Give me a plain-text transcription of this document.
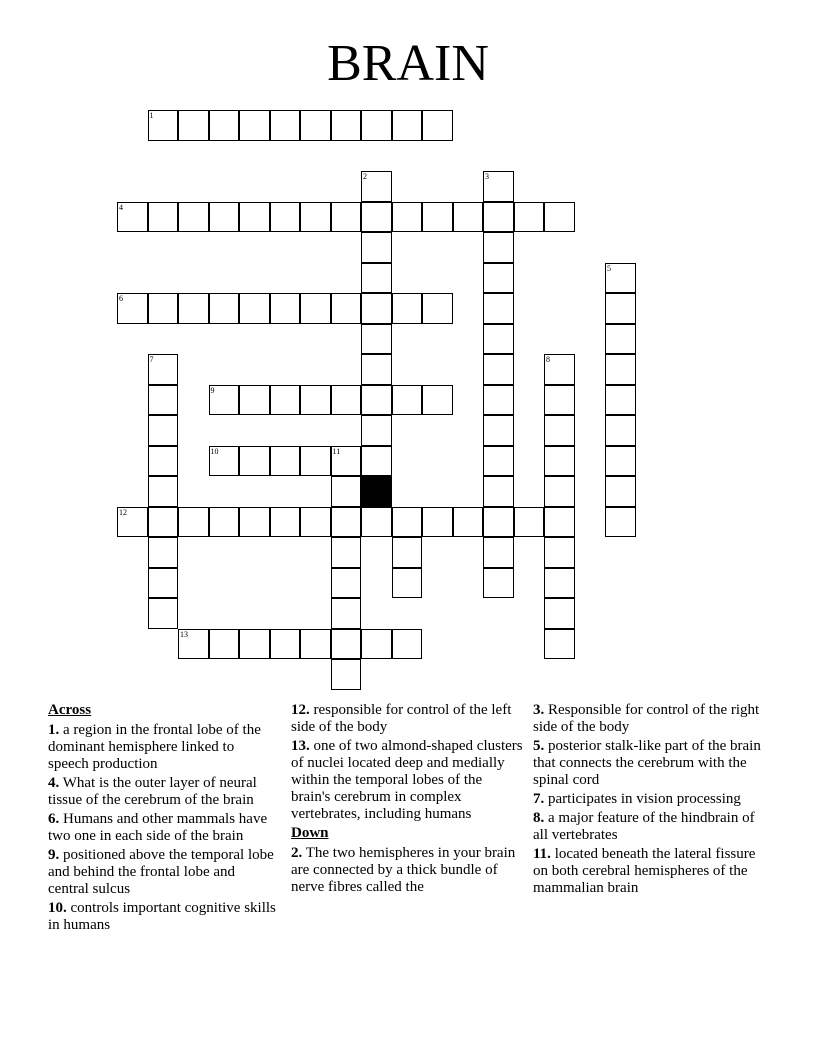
BRAIN
1
2	3
4
5
6
7	8
9
10	11
12
13
Across
1. a region in the frontal lobe of the dominant hemisphere linked to speech production
4. What is the outer layer of neural tissue of the cerebrum of the brain
6. Humans and other mammals have two one in each side of the brain
9. positioned above the temporal lobe and behind the frontal lobe and central sulcus
10. controls important cognitive skills in humans
12. responsible for control of the left side of the body
13. one of two almond-shaped clusters of nuclei located deep and medially within the temporal lobes of the brain's cerebrum in complex vertebrates, including humans
Down
2. The two hemispheres in your brain are connected by a thick bundle of nerve fibres called the
3. Responsible for control of the right side of the body
5. posterior stalk-like part of the brain that connects the cerebrum with the spinal cord
7. participates in vision processing
8. a major feature of the hindbrain of all vertebrates
11. located beneath the lateral fissure on both cerebral hemispheres of the mammalian brain
